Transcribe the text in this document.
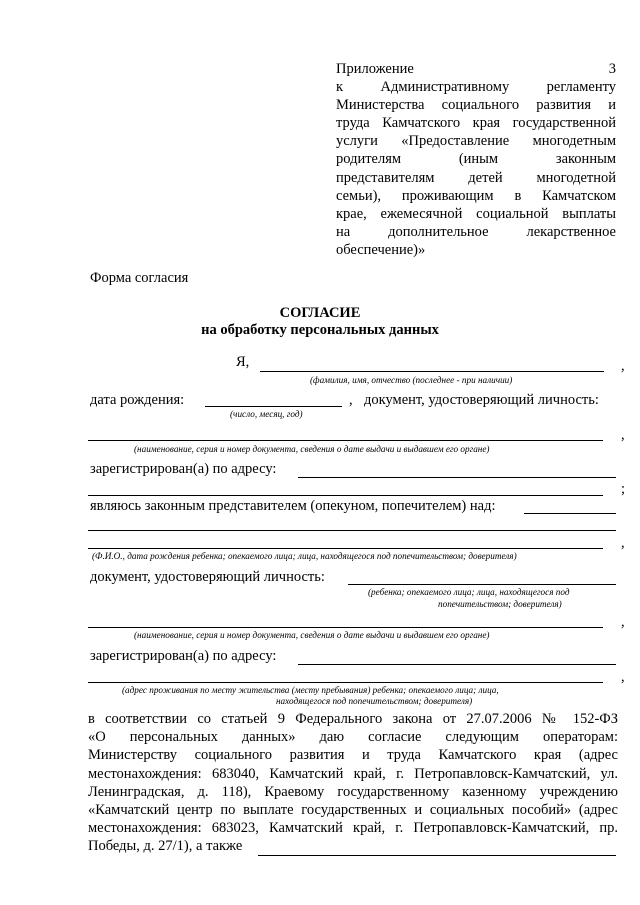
Приложение 3
к Административному регламенту
Министерства социального развития и
труда Камчатского края государственной
услуги «Предоставление многодетным
родителям (иным законным
представителям детей многодетной
семьи), проживающим в Камчатском
крае, ежемесячной социальной выплаты
на дополнительное лекарственное
обеспечение)»
Форма согласия
СОГЛАСИЕ
на обработку персональных данных
Я,	,
(фамилия, имя, отчество (последнее - при наличии)
дата рождения:	, документ, удостоверяющий личность:
(число, месяц, год)
,
(наименование, серия и номер документа, сведения о дате выдачи и выдавшем его органе)
зарегистрирован(а) по адресу:
;
являюсь законным представителем (опекуном, попечителем) над:
,
(Ф.И.О., дата рождения ребенка; опекаемого лица; лица, находящегося под попечительством; доверителя)
документ, удостоверяющий личность:
(ребенка; опекаемого лица; лица, находящегося под
попечительством; доверителя)
,
(наименование, серия и номер документа, сведения о дате выдачи и выдавшем его органе)
зарегистрирован(а) по адресу:
,
(адрес проживания по месту жительства (месту пребывания) ребенка; опекаемого лица; лица,
находящегося под попечительством; доверителя)
в соответствии со статьей 9 Федерального закона от 27.07.2006 № 152-ФЗ
«О персональных данных» даю согласие следующим операторам:
Министерству социального развития и труда Камчатского края (адрес
местонахождения: 683040, Камчатский край, г. Петропавловск-Камчатский, ул.
Ленинградская, д. 118), Краевому государственному казенному учреждению
«Камчатский центр по выплате государственных и социальных пособий» (адрес
местонахождения: 683023, Камчатский край, г. Петропавловск-Камчатский, пр.
Победы, д. 27/1), а также
